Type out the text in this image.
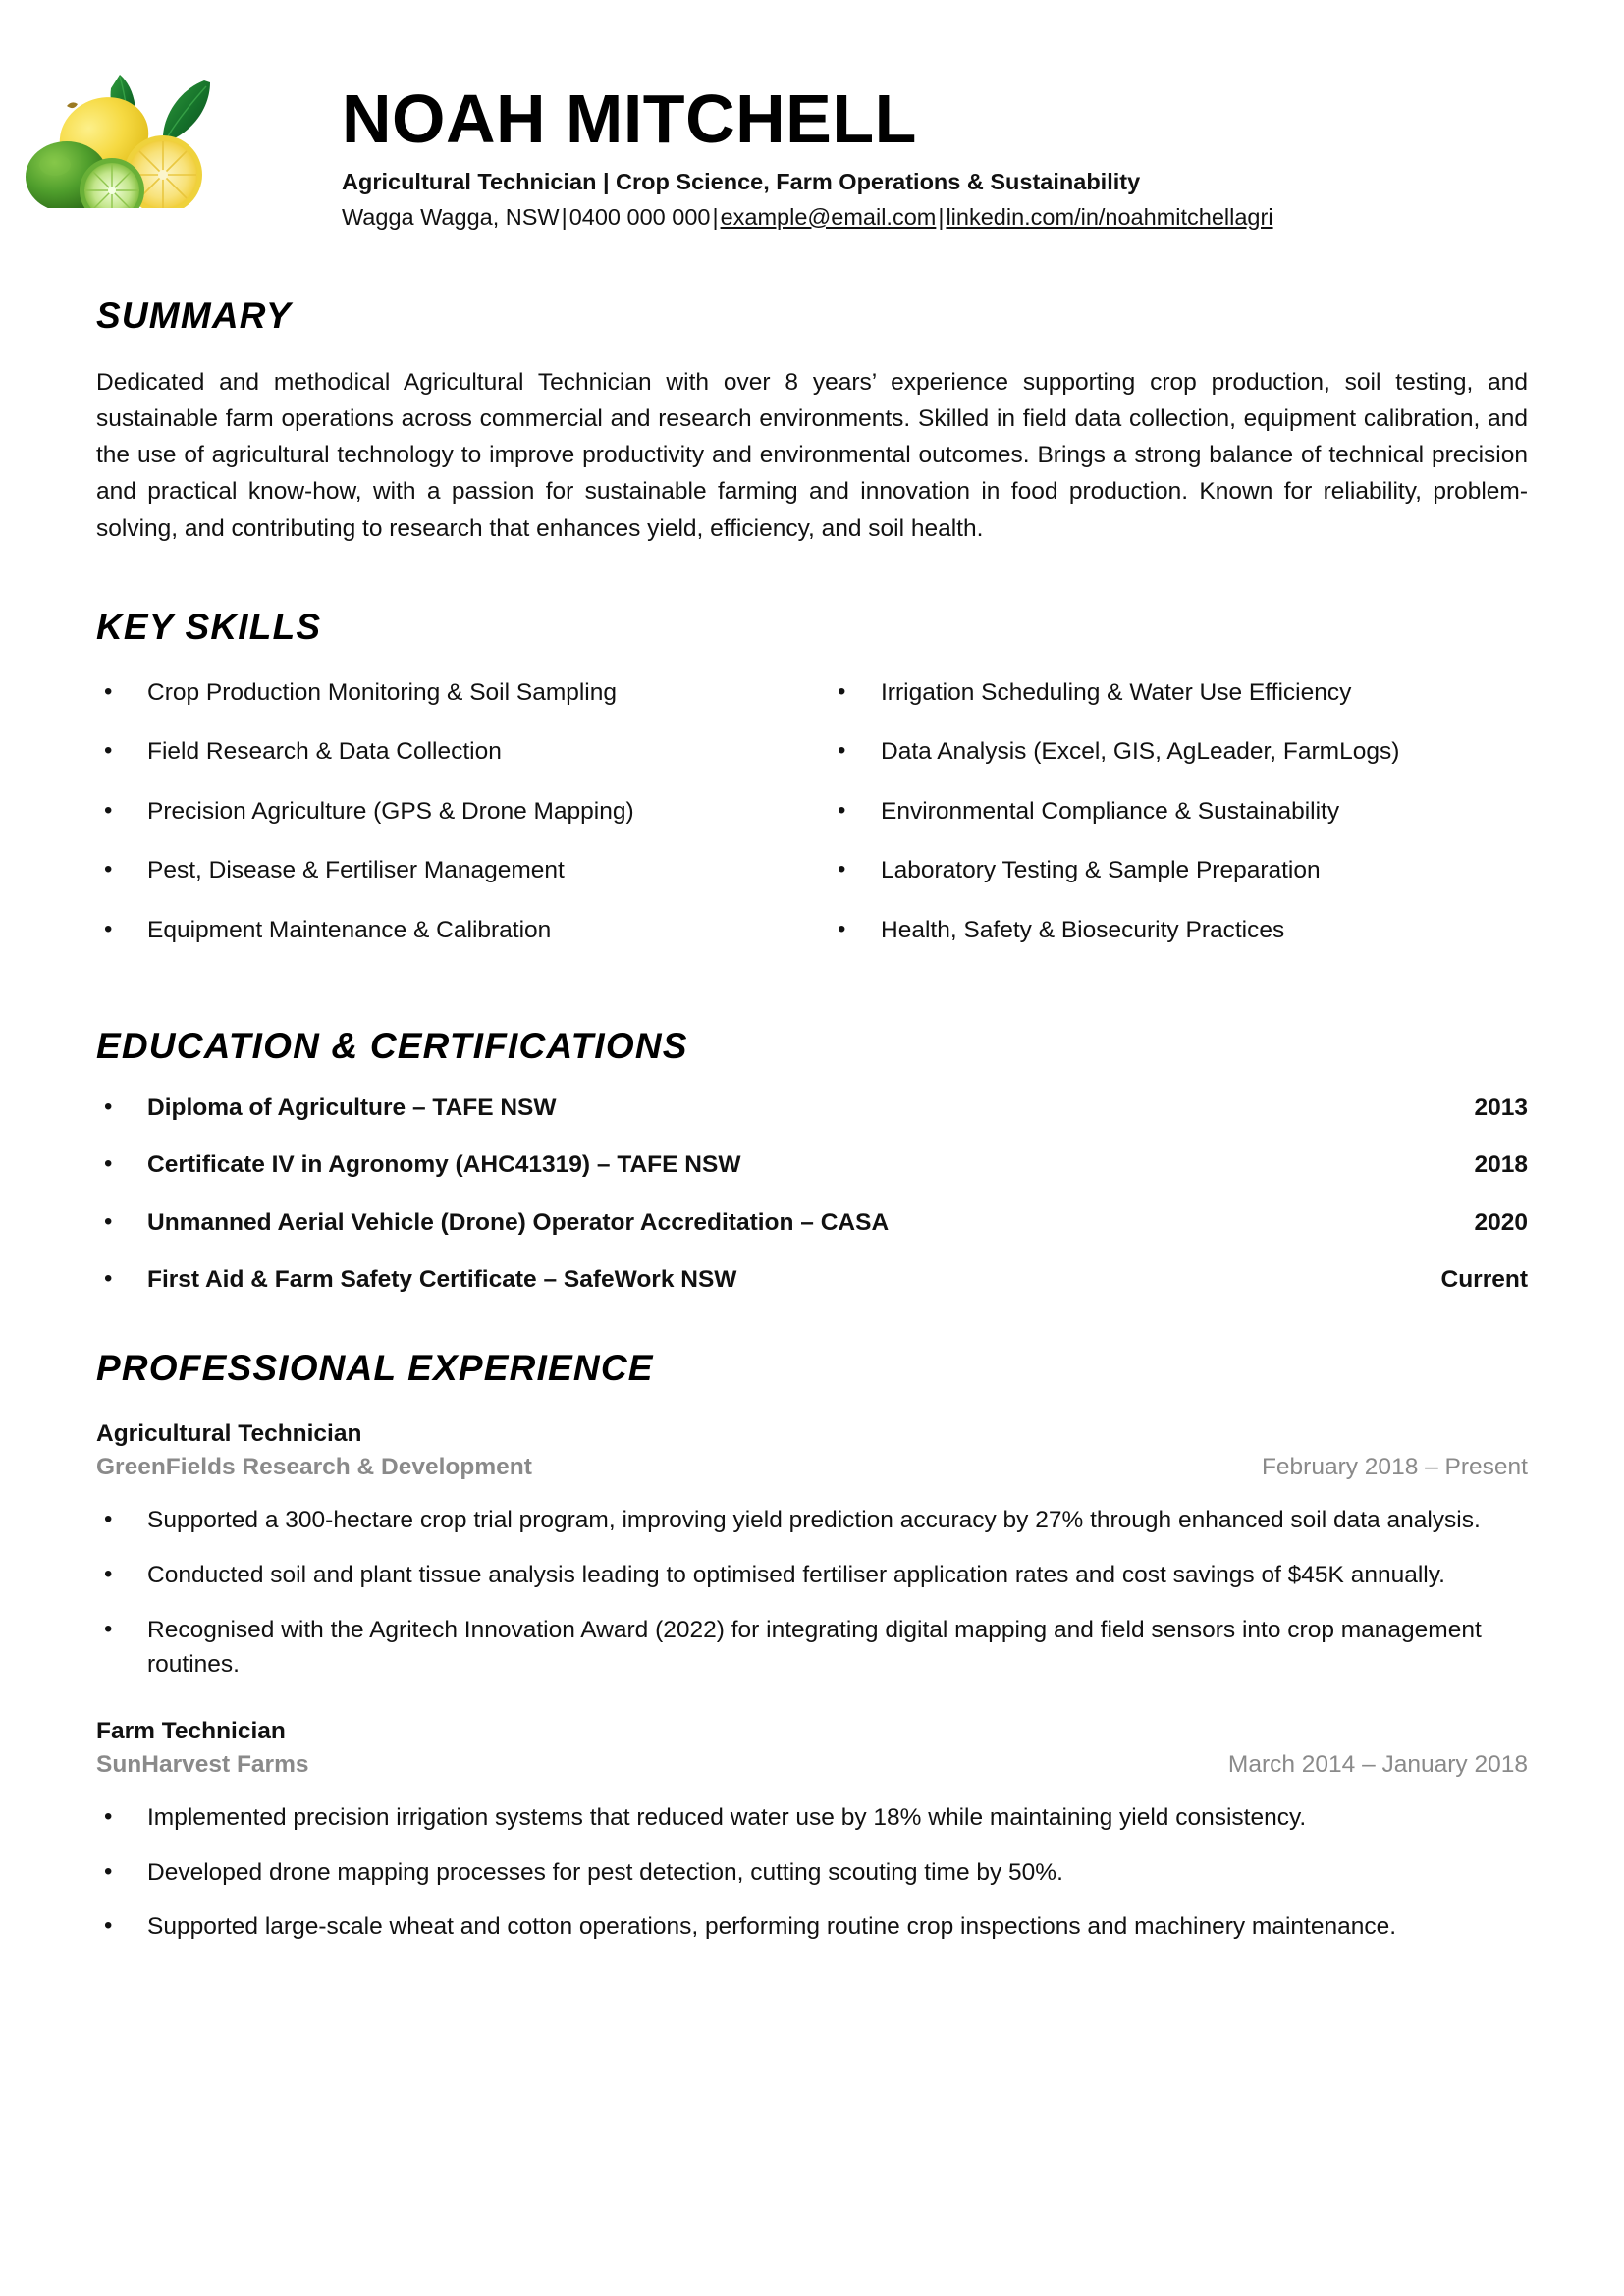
NOAH MITCHELL
Agricultural Technician | Crop Science, Farm Operations & Sustainability
Wagga Wagga, NSW|0400 000 000|example@email.com|linkedin.com/in/noahmitchellagri
SUMMARY

Dedicated and methodical Agricultural Technician with over 8 years’ experience supporting crop production, soil testing, and sustainable farm operations across commercial and research environments. Skilled in field data collection, equipment calibration, and the use of agricultural technology to improve productivity and environmental outcomes. Brings a strong balance of technical precision and practical know-how, with a passion for sustainable farming and innovation in food production. Known for reliability, problem-solving, and contributing to research that enhances yield, efficiency, and soil health.

KEY SKILLS
•	Crop Production Monitoring & Soil Sampling
•	Field Research & Data Collection
•	Precision Agriculture (GPS & Drone Mapping)
•	Pest, Disease & Fertiliser Management
•	Equipment Maintenance & Calibration
•	Irrigation Scheduling & Water Use Efficiency
•	Data Analysis (Excel, GIS, AgLeader, FarmLogs)
•	Environmental Compliance & Sustainability
•	Laboratory Testing & Sample Preparation
•	Health, Safety & Biosecurity Practices
EDUCATION & CERTIFICATIONS
•	Diploma of Agriculture – TAFE NSW	2013
•	Certificate IV in Agronomy (AHC41319) – TAFE NSW	2018
•	Unmanned Aerial Vehicle (Drone) Operator Accreditation – CASA	2020
•	First Aid & Farm Safety Certificate – SafeWork NSW	Current
PROFESSIONAL EXPERIENCE
Agricultural Technician
GreenFields Research & Development	February 2018 – Present
•	Supported a 300-hectare crop trial program, improving yield prediction accuracy by 27% through enhanced soil data analysis.
•	Conducted soil and plant tissue analysis leading to optimised fertiliser application rates and cost savings of $45K annually.
•	Recognised with the Agritech Innovation Award (2022) for integrating digital mapping and field sensors into crop management routines.
Farm Technician
SunHarvest Farms	March 2014 – January 2018
•	Implemented precision irrigation systems that reduced water use by 18% while maintaining yield consistency.
•	Developed drone mapping processes for pest detection, cutting scouting time by 50%.
•	Supported large-scale wheat and cotton operations, performing routine crop inspections and machinery maintenance.
